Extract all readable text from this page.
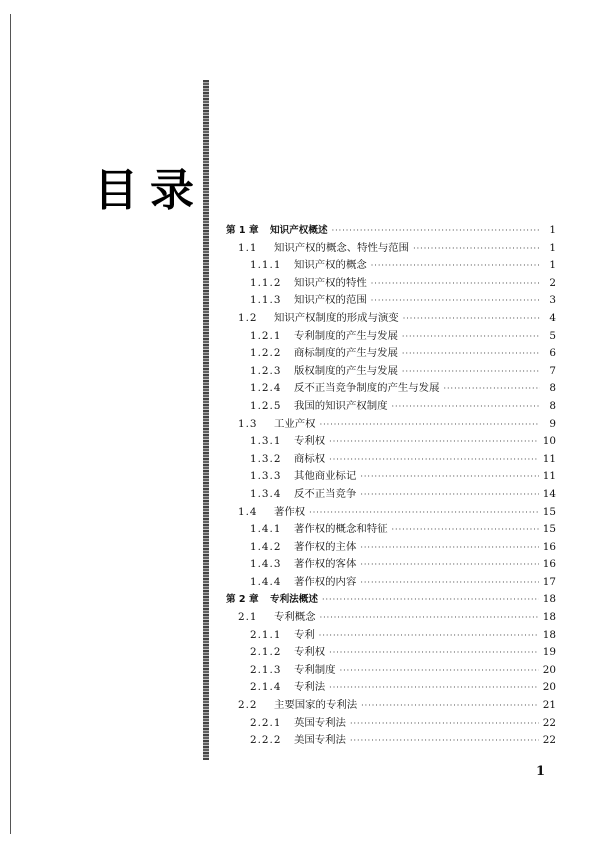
目录
第 1 章 知识产权概述 ·····	1
1.1	知识产权的概念、特性与范围 ·····	1
1.1.1	知识产权的概念 ·····	1
1.1.2	知识产权的特性 ·····	2
1.1.3	知识产权的范围 ·····	3
1.2	知识产权制度的形成与演变 ·····	4
1.2.1	专利制度的产生与发展 ·····	5
1.2.2	商标制度的产生与发展 ·····	6
1.2.3	版权制度的产生与发展 ·····	7
1.2.4	反不正当竞争制度的产生与发展 ·····	8
1.2.5	我国的知识产权制度 ·····	8
1.3	工业产权 ·····	9
1.3.1	专利权 ·····	10
1.3.2	商标权 ·····	11
1.3.3	其他商业标记 ·····	11
1.3.4	反不正当竞争 ·····	14
1.4	著作权 ·····	15
1.4.1	著作权的概念和特征 ·····	15
1.4.2	著作权的主体 ·····	16
1.4.3	著作权的客体 ·····	16
1.4.4	著作权的内容 ·····	17
第 2 章 专利法概述 ·····	18
2.1	专利概念 ·····	18
2.1.1	专利 ·····	18
2.1.2	专利权 ·····	19
2.1.3	专利制度 ·····	20
2.1.4	专利法 ·····	20
2.2	主要国家的专利法 ·····	21
2.2.1	英国专利法 ·····	22
2.2.2	美国专利法 ·····	22
1
